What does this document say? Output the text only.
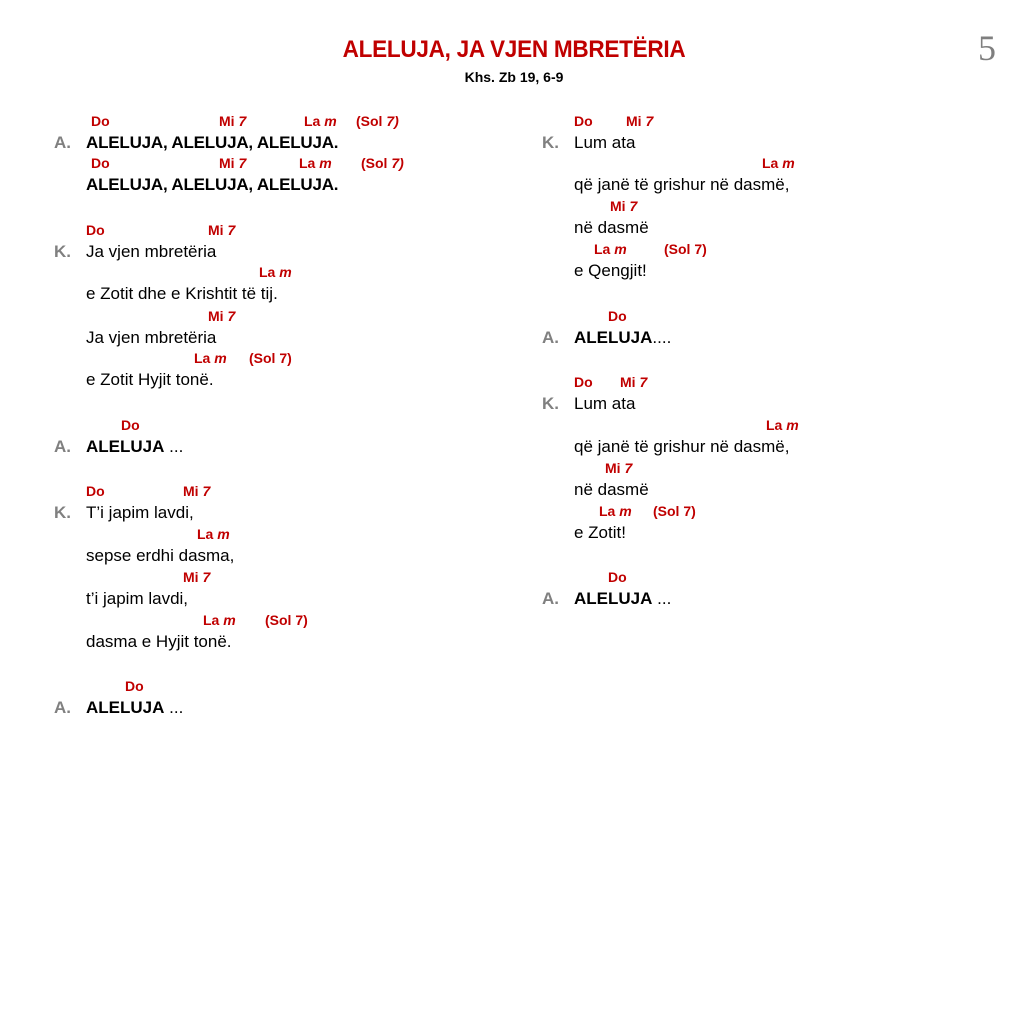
5
ALELUJA, JA VJEN MBRETËRIA
Khs. Zb 19, 6-9
Do	Mi 7	La m (Sol 7)
A. ALELUJA, ALELUJA, ALELUJA.
Do	Mi 7	La m (Sol 7)
ALELUJA, ALELUJA, ALELUJA.
Do	Mi 7
K. Ja vjen mbretëria
La m
e Zotit dhe e Krishtit të tij.
Mi 7
Ja vjen mbretëria
La m (Sol 7)
e Zotit Hyjit tonë.
Do
A. ALELUJA ...
Do	Mi 7
K. T’i japim lavdi,
La m
sepse erdhi dasma,
Mi 7
t’i japim lavdi,
La m (Sol 7)
dasma e Hyjit tonë.
Do
A. ALELUJA ...
Do Mi 7
K. Lum ata
La m
që janë të grishur në dasmë,
Mi 7
në dasmë
La m	(Sol 7)
e Qengjit!
Do
A. ALELUJA....
Do Mi 7
K. Lum ata
La m
që janë të grishur në dasmë,
Mi 7
në dasmë
La m (Sol 7)
e Zotit!
Do
A. ALELUJA ...
